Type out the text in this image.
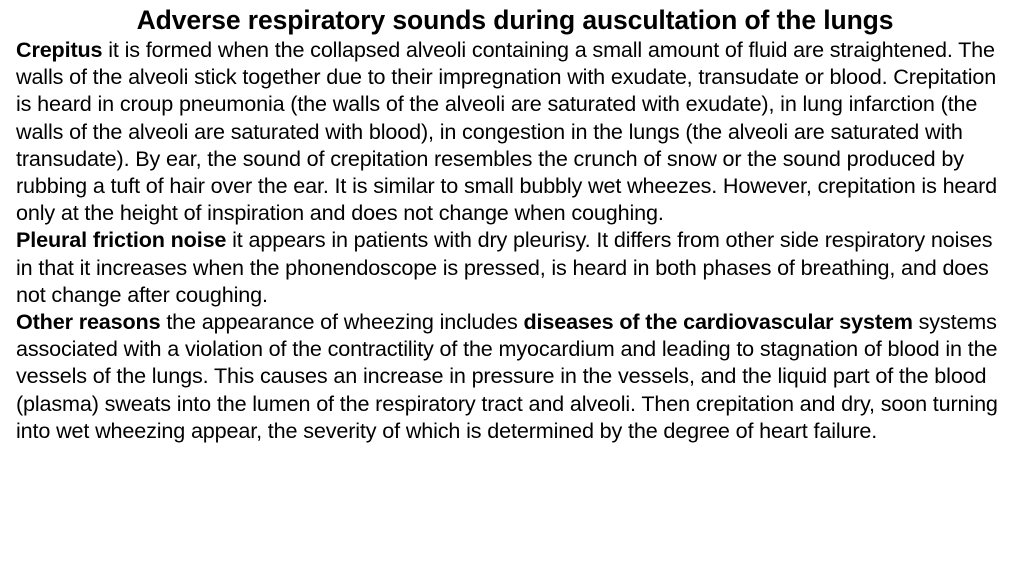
Adverse respiratory sounds during auscultation of the lungs

Crepitus it is formed when the collapsed alveoli containing a small amount of fluid are straightened. The walls of the alveoli stick together due to their impregnation with exudate, transudate or blood. Crepitation is heard in croup pneumonia (the walls of the alveoli are saturated with exudate), in lung infarction (the walls of the alveoli are saturated with blood), in congestion in the lungs (the alveoli are saturated with transudate). By ear, the sound of crepitation resembles the crunch of snow or the sound produced by rubbing a tuft of hair over the ear. It is similar to small bubbly wet wheezes. However, crepitation is heard only at the height of inspiration and does not change when coughing.

Pleural friction noise it appears in patients with dry pleurisy. It differs from other side respiratory noises in that it increases when the phonendoscope is pressed, is heard in both phases of breathing, and does not change after coughing.

Other reasons the appearance of wheezing includes diseases of the cardiovascular system systems associated with a violation of the contractility of the myocardium and leading to stagnation of blood in the vessels of the lungs. This causes an increase in pressure in the vessels, and the liquid part of the blood (plasma) sweats into the lumen of the respiratory tract and alveoli. Then crepitation and dry, soon turning into wet wheezing appear, the severity of which is determined by the degree of heart failure.
